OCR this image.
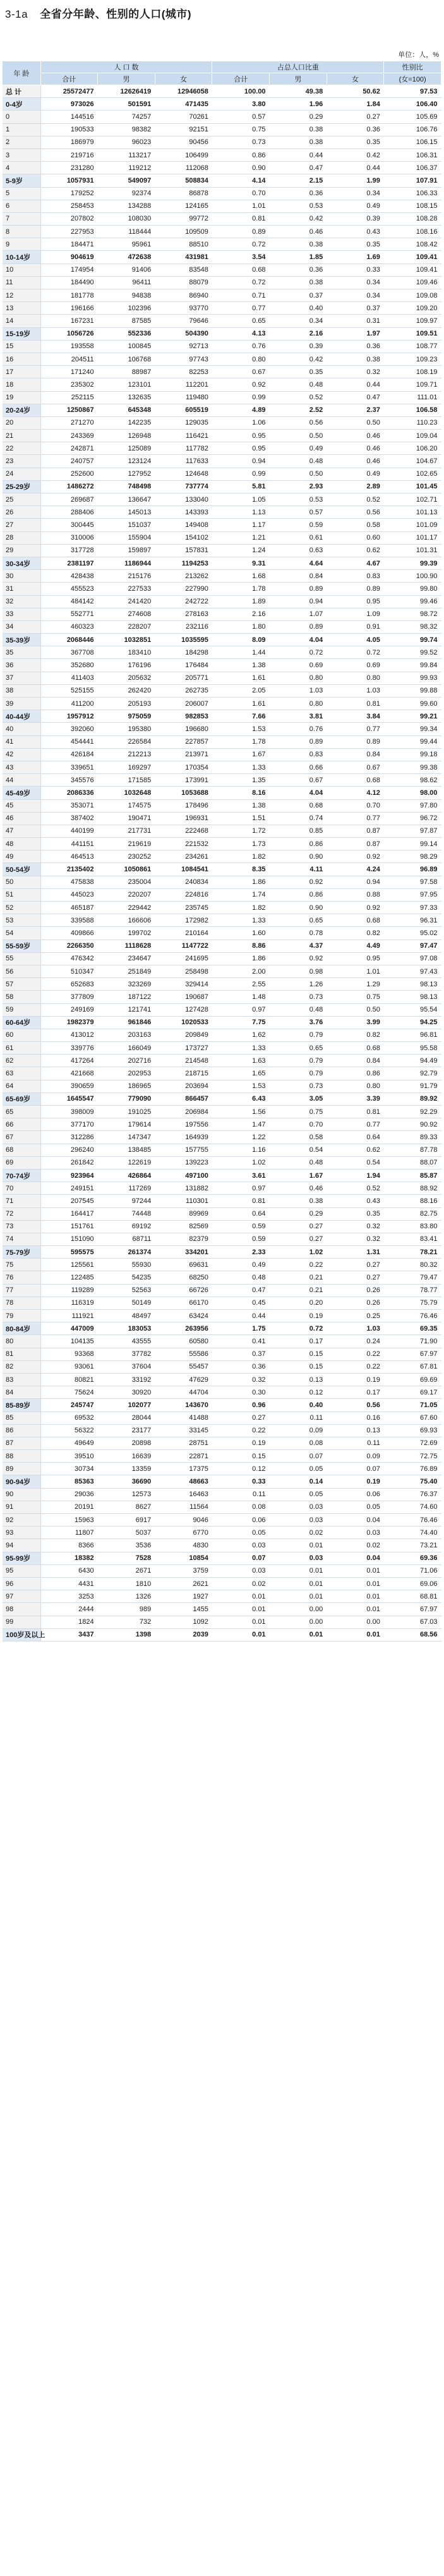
3-1a 全省分年龄、性别的人口(城市)
单位：人，%
年 龄	人 口 数			占总人口比重			性别比
	合计	男	女	合计	男	女	(女=100)
总 计	25572477	12626419	12946058	100.00	49.38	50.62	97.53
0-4岁	973026	501591	471435	3.80	1.96	1.84	106.40
0	144516	74257	70261	0.57	0.29	0.27	105.69
1	190533	98382	92151	0.75	0.38	0.36	106.76
2	186979	96023	90456	0.73	0.38	0.35	106.15
3	219716	113217	106499	0.86	0.44	0.42	106.31
4	231280	119212	112068	0.90	0.47	0.44	106.37
5-9岁	1057931	549097	508834	4.14	2.15	1.99	107.91
5	179252	92374	86878	0.70	0.36	0.34	106.33
6	258453	134288	124165	1.01	0.53	0.49	108.15
7	207802	108030	99772	0.81	0.42	0.39	108.28
8	227953	118444	109509	0.89	0.46	0.43	108.16
9	184471	95961	88510	0.72	0.38	0.35	108.42
10-14岁	904619	472638	431981	3.54	1.85	1.69	109.41
10	174954	91406	83548	0.68	0.36	0.33	109.41
11	184490	96411	88079	0.72	0.38	0.34	109.46
12	181778	94838	86940	0.71	0.37	0.34	109.08
13	196166	102396	93770	0.77	0.40	0.37	109.20
14	167231	87585	79646	0.65	0.34	0.31	109.97
15-19岁	1056726	552336	504390	4.13	2.16	1.97	109.51
15	193558	100845	92713	0.76	0.39	0.36	108.77
16	204511	106768	97743	0.80	0.42	0.38	109.23
17	171240	88987	82253	0.67	0.35	0.32	108.19
18	235302	123101	112201	0.92	0.48	0.44	109.71
19	252115	132635	119480	0.99	0.52	0.47	111.01
20-24岁	1250867	645348	605519	4.89	2.52	2.37	106.58
20	271270	142235	129035	1.06	0.56	0.50	110.23
21	243369	126948	116421	0.95	0.50	0.46	109.04
22	242871	125089	117782	0.95	0.49	0.46	106.20
23	240757	123124	117633	0.94	0.48	0.46	104.67
24	252600	127952	124648	0.99	0.50	0.49	102.65
25-29岁	1486272	748498	737774	5.81	2.93	2.89	101.45
25	269687	136647	133040	1.05	0.53	0.52	102.71
26	288406	145013	143393	1.13	0.57	0.56	101.13
27	300445	151037	149408	1.17	0.59	0.58	101.09
28	310006	155904	154102	1.21	0.61	0.60	101.17
29	317728	159897	157831	1.24	0.63	0.62	101.31
30-34岁	2381197	1186944	1194253	9.31	4.64	4.67	99.39
30	428438	215176	213262	1.68	0.84	0.83	100.90
31	455523	227533	227990	1.78	0.89	0.89	99.80
32	484142	241420	242722	1.89	0.94	0.95	99.46
33	552771	274608	278163	2.16	1.07	1.09	98.72
34	460323	228207	232116	1.80	0.89	0.91	98.32
35-39岁	2068446	1032851	1035595	8.09	4.04	4.05	99.74
35	367708	183410	184298	1.44	0.72	0.72	99.52
36	352680	176196	176484	1.38	0.69	0.69	99.84
37	411403	205632	205771	1.61	0.80	0.80	99.93
38	525155	262420	262735	2.05	1.03	1.03	99.88
39	411200	205193	206007	1.61	0.80	0.81	99.60
40-44岁	1957912	975059	982853	7.66	3.81	3.84	99.21
40	392060	195380	196680	1.53	0.76	0.77	99.34
41	454441	226584	227857	1.78	0.89	0.89	99.44
42	426184	212213	213971	1.67	0.83	0.84	99.18
43	339651	169297	170354	1.33	0.66	0.67	99.38
44	345576	171585	173991	1.35	0.67	0.68	98.62
45-49岁	2086336	1032648	1053688	8.16	4.04	4.12	98.00
45	353071	174575	178496	1.38	0.68	0.70	97.80
46	387402	190471	196931	1.51	0.74	0.77	96.72
47	440199	217731	222468	1.72	0.85	0.87	97.87
48	441151	219619	221532	1.73	0.86	0.87	99.14
49	464513	230252	234261	1.82	0.90	0.92	98.29
50-54岁	2135402	1050861	1084541	8.35	4.11	4.24	96.89
50	475838	235004	240834	1.86	0.92	0.94	97.58
51	445023	220207	224816	1.74	0.86	0.88	97.95
52	465187	229442	235745	1.82	0.90	0.92	97.33
53	339588	166606	172982	1.33	0.65	0.68	96.31
54	409866	199702	210164	1.60	0.78	0.82	95.02
55-59岁	2266350	1118628	1147722	8.86	4.37	4.49	97.47
55	476342	234647	241695	1.86	0.92	0.95	97.08
56	510347	251849	258498	2.00	0.98	1.01	97.43
57	652683	323269	329414	2.55	1.26	1.29	98.13
58	377809	187122	190687	1.48	0.73	0.75	98.13
59	249169	121741	127428	0.97	0.48	0.50	95.54
60-64岁	1982379	961846	1020533	7.75	3.76	3.99	94.25
60	413012	203163	209849	1.62	0.79	0.82	96.81
61	339776	166049	173727	1.33	0.65	0.68	95.58
62	417264	202716	214548	1.63	0.79	0.84	94.49
63	421668	202953	218715	1.65	0.79	0.86	92.79
64	390659	186965	203694	1.53	0.73	0.80	91.79
65-69岁	1645547	779090	866457	6.43	3.05	3.39	89.92
65	398009	191025	206984	1.56	0.75	0.81	92.29
66	377170	179614	197556	1.47	0.70	0.77	90.92
67	312286	147347	164939	1.22	0.58	0.64	89.33
68	296240	138485	157755	1.16	0.54	0.62	87.78
69	261842	122619	139223	1.02	0.48	0.54	88.07
70-74岁	923964	426864	497100	3.61	1.67	1.94	85.87
70	249151	117269	131882	0.97	0.46	0.52	88.92
71	207545	97244	110301	0.81	0.38	0.43	88.16
72	164417	74448	89969	0.64	0.29	0.35	82.75
73	151761	69192	82569	0.59	0.27	0.32	83.80
74	151090	68711	82379	0.59	0.27	0.32	83.41
75-79岁	595575	261374	334201	2.33	1.02	1.31	78.21
75	125561	55930	69631	0.49	0.22	0.27	80.32
76	122485	54235	68250	0.48	0.21	0.27	79.47
77	119289	52563	66726	0.47	0.21	0.26	78.77
78	116319	50149	66170	0.45	0.20	0.26	75.79
79	111921	48497	63424	0.44	0.19	0.25	76.46
80-84岁	447009	183053	263956	1.75	0.72	1.03	69.35
80	104135	43555	60580	0.41	0.17	0.24	71.90
81	93368	37782	55586	0.37	0.15	0.22	67.97
82	93061	37604	55457	0.36	0.15	0.22	67.81
83	80821	33192	47629	0.32	0.13	0.19	69.69
84	75624	30920	44704	0.30	0.12	0.17	69.17
85-89岁	245747	102077	143670	0.96	0.40	0.56	71.05
85	69532	28044	41488	0.27	0.11	0.16	67.60
86	56322	23177	33145	0.22	0.09	0.13	69.93
87	49649	20898	28751	0.19	0.08	0.11	72.69
88	39510	16639	22871	0.15	0.07	0.09	72.75
89	30734	13359	17375	0.12	0.05	0.07	76.89
90-94岁	85363	36690	48663	0.33	0.14	0.19	75.40
90	29036	12573	16463	0.11	0.05	0.06	76.37
91	20191	8627	11564	0.08	0.03	0.05	74.60
92	15963	6917	9046	0.06	0.03	0.04	76.46
93	11807	5037	6770	0.05	0.02	0.03	74.40
94	8366	3536	4830	0.03	0.01	0.02	73.21
95-99岁	18382	7528	10854	0.07	0.03	0.04	69.36
95	6430	2671	3759	0.03	0.01	0.01	71.06
96	4431	1810	2621	0.02	0.01	0.01	69.06
97	3253	1326	1927	0.01	0.01	0.01	68.81
98	2444	989	1455	0.01	0.00	0.01	67.97
99	1824	732	1092	0.01	0.00	0.00	67.03
100岁及以上	3437	1398	2039	0.01	0.01	0.01	68.56
